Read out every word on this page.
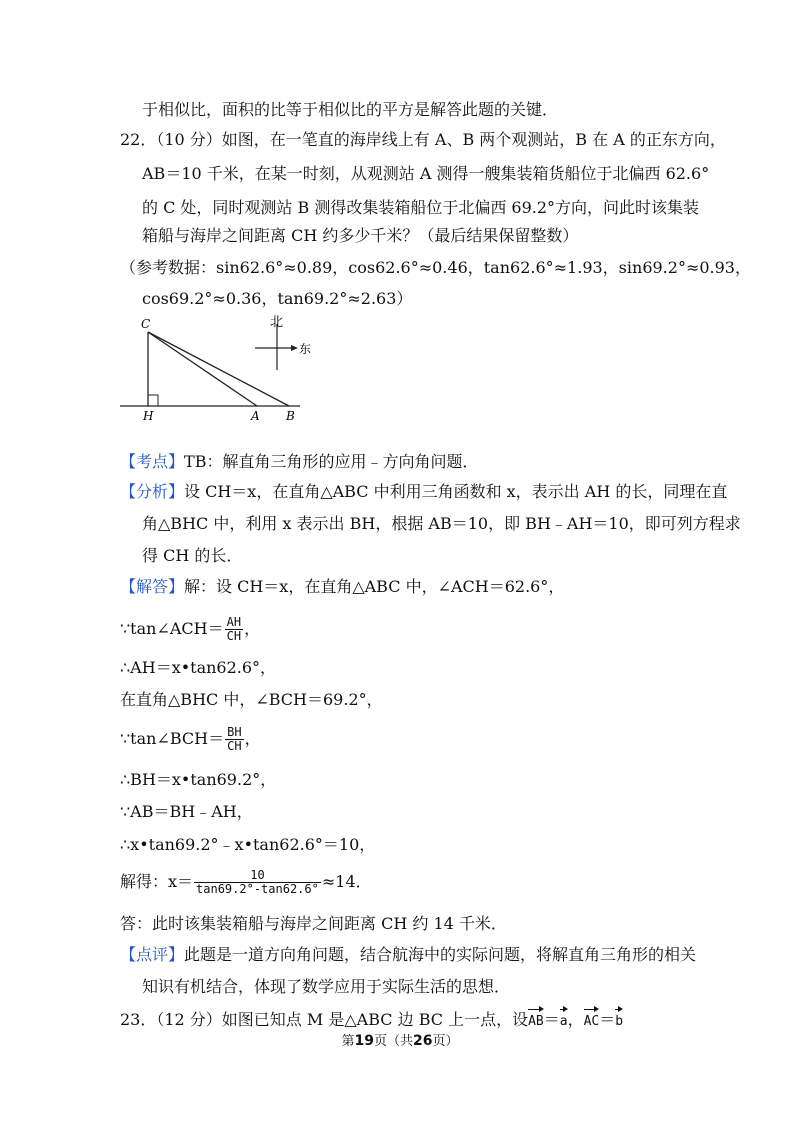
于相似比，面积的比等于相似比的平方是解答此题的关键．
22．（10 分）如图，在一笔直的海岸线上有 A、B 两个观测站，B 在 A 的正东方向，
AB＝10 千米，在某一时刻，从观测站 A 测得一艘集装箱货船位于北偏西 62.6°
的 C 处，同时观测站 B 测得改集装箱船位于北偏西 69.2°方向，问此时该集装
箱船与海岸之间距离 CH 约多少千米？（最后结果保留整数）
（参考数据：sin62.6°≈0.89，cos62.6°≈0.46，tan62.6°≈1.93，sin69.2°≈0.93，
cos69.2°≈0.36，tan69.2°≈2.63）
C
H	A B
北
东
【考点】TB：解直角三角形的应用﹣方向角问题．
【分析】设 CH＝x，在直角△ABC 中利用三角函数和 x，表示出 AH 的长，同理在直
角△BHC 中，利用 x 表示出 BH，根据 AB＝10，即 BH﹣AH＝10，即可列方程求
得 CH 的长．
【解答】解：设 CH＝x，在直角△ABC 中，∠ACH＝62.6°，
∵tan∠ACH＝ $\frac{AH}{CH}$ ，
∴AH＝x•tan62.6°，
在直角△BHC 中，∠BCH＝69.2°，
∵tan∠BCH＝ $\frac{BH}{CH}$ ，
∴BH＝x•tan69.2°，
∵AB＝BH﹣AH，
∴x•tan69.2°﹣x•tan62.6°＝10，
解得：$x= \frac{10}{\tan 69.2^\circ-\tan 62.6^\circ} \approx 14$．
答：此时该集装箱船与海岸之间距离 CH 约 14 千米．
【点评】此题是一道方向角问题，结合航海中的实际问题，将解直角三角形的相关
知识有机结合，体现了数学应用于实际生活的思想．
23．（12 分）如图已知点 M 是△ABC 边 BC 上一点，设AB＝a，AC＝b
第19页（共26页）
